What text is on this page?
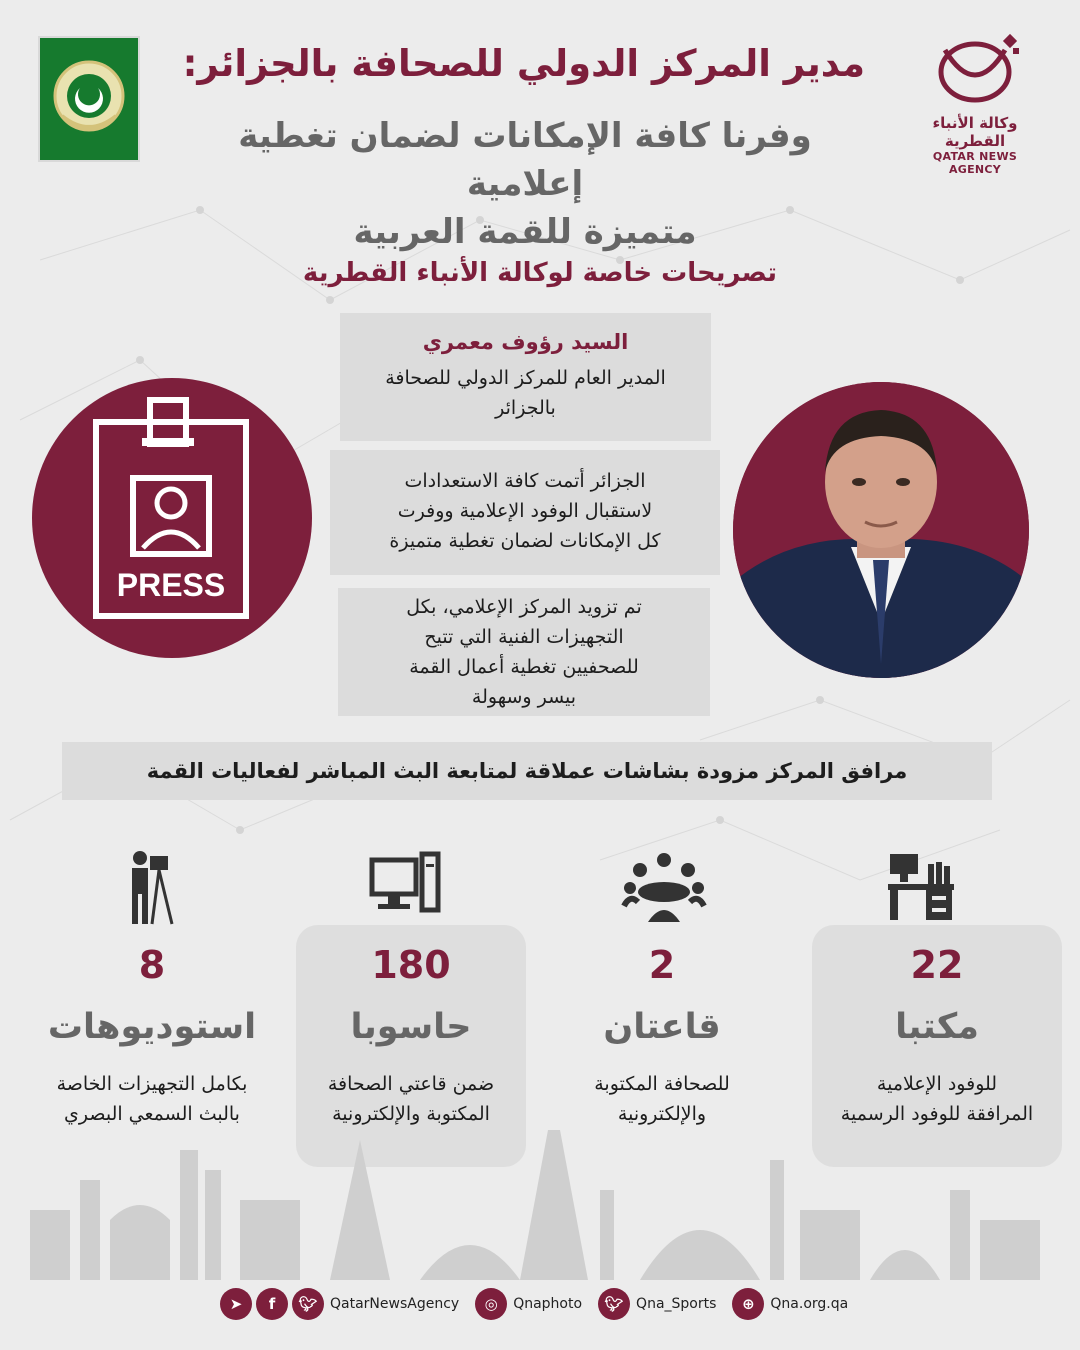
وكالة الأنباء القطرية
QATAR NEWS AGENCY
مدير المركز الدولي للصحافة بالجزائر:
وفرنا كافة الإمكانات لضمان تغطية إعلامية
متميزة للقمة العربية
تصريحات خاصة لوكالة الأنباء القطرية
السيد رؤوف معمري
المدير العام للمركز الدولي للصحافة
بالجزائر
الجزائر أتمت كافة الاستعدادات
لاستقبال الوفود الإعلامية ووفرت
كل الإمكانات لضمان تغطية متميزة
تم تزويد المركز الإعلامي، بكل
التجهيزات الفنية التي تتيح
للصحفيين تغطية أعمال القمة
بيسر وسهولة
PRESS
مرافق المركز مزودة بشاشات عملاقة لمتابعة البث المباشر لفعاليات القمة
22
مكتبا
للوفود الإعلامية
المرافقة للوفود الرسمية
2
قاعتان
للصحافة المكتوبة
والإلكترونية
180
حاسوبا
ضمن قاعتي الصحافة
المكتوبة والإلكترونية
8
استوديوهات
بكامل التجهيزات الخاصة
بالبث السمعي البصري
➤	f	🐦︎ QatarNewsAgency	◎	Qnaphoto	🐦︎ Qna_Sports	⊕	Qna.org.qa
